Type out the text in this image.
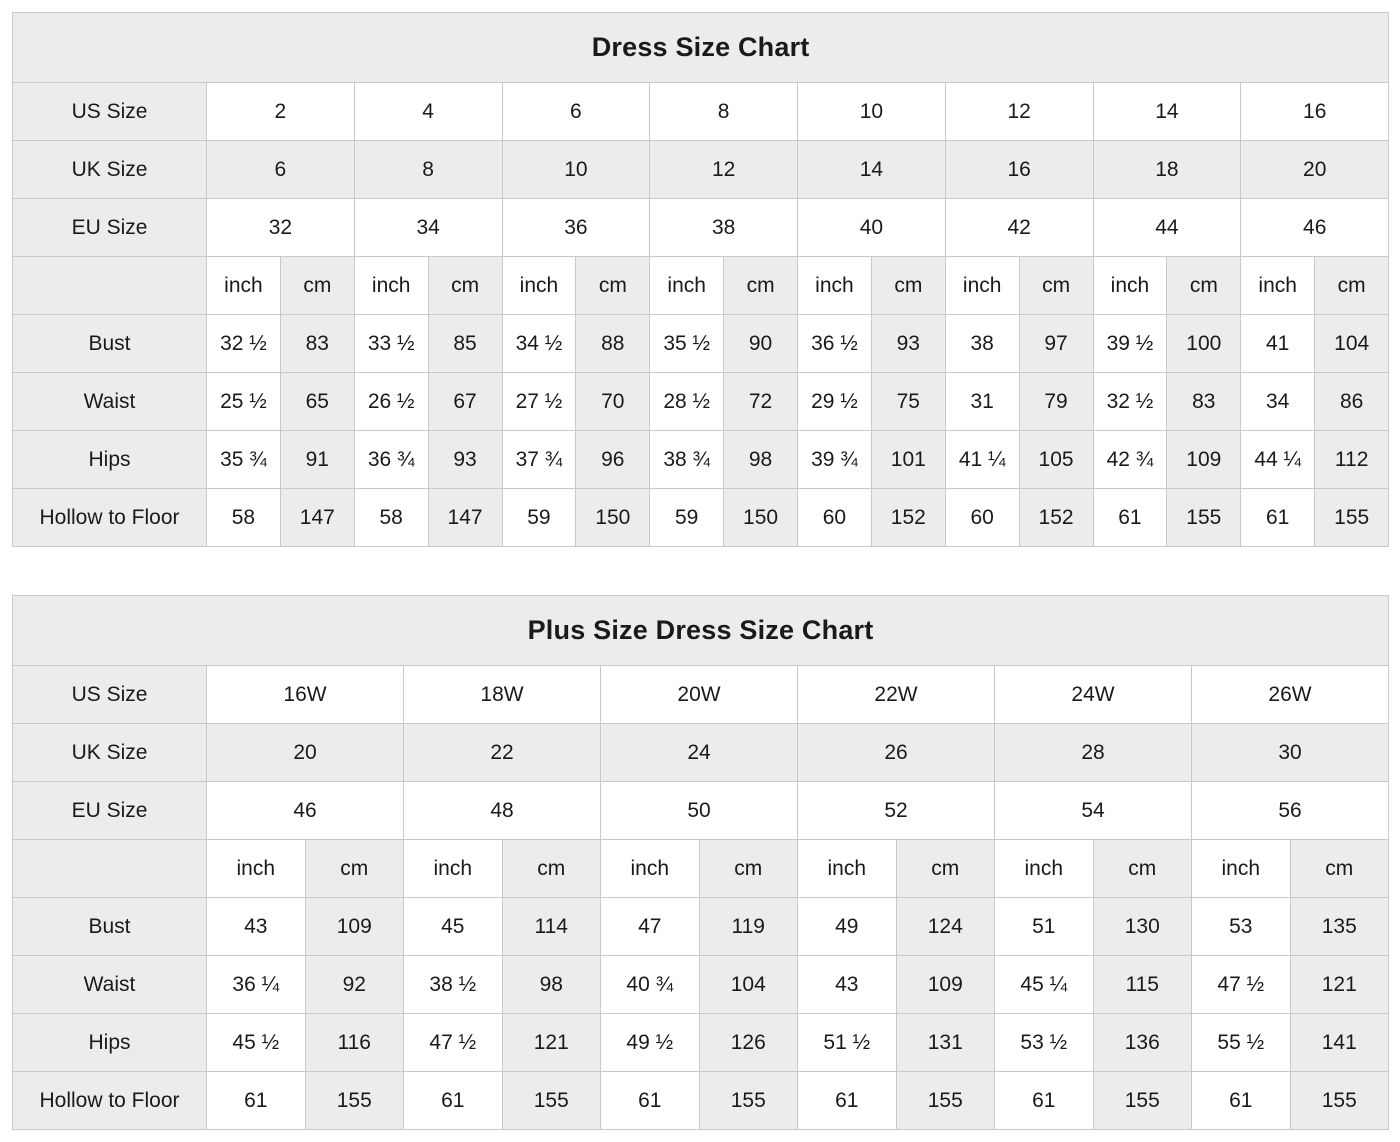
Dress Size Chart																
US Size	2		4		6		8		10		12		14		16	
UK Size	6		8		10		12		14		16		18		20	
EU Size	32		34		36		38		40		42		44		46	
	inch	cm	inch	cm	inch	cm	inch	cm	inch	cm	inch	cm	inch	cm	inch	cm
Bust	32 ½	83	33 ½	85	34 ½	88	35 ½	90	36 ½	93	38	97	39 ½	100	41	104
Waist	25 ½	65	26 ½	67	27 ½	70	28 ½	72	29 ½	75	31	79	32 ½	83	34	86
Hips	35 ¾	91	36 ¾	93	37 ¾	96	38 ¾	98	39 ¾	101	41 ¼	105	42 ¾	109	44 ¼	112
Hollow to Floor	58	147	58	147	59	150	59	150	60	152	60	152	61	155	61	155
Plus Size Dress Size Chart												
US Size	16W		18W		20W		22W		24W		26W	
UK Size	20		22		24		26		28		30	
EU Size	46		48		50		52		54		56	
	inch	cm	inch	cm	inch	cm	inch	cm	inch	cm	inch	cm
Bust	43	109	45	114	47	119	49	124	51	130	53	135
Waist	36 ¼	92	38 ½	98	40 ¾	104	43	109	45 ¼	115	47 ½	121
Hips	45 ½	116	47 ½	121	49 ½	126	51 ½	131	53 ½	136	55 ½	141
Hollow to Floor	61	155	61	155	61	155	61	155	61	155	61	155
